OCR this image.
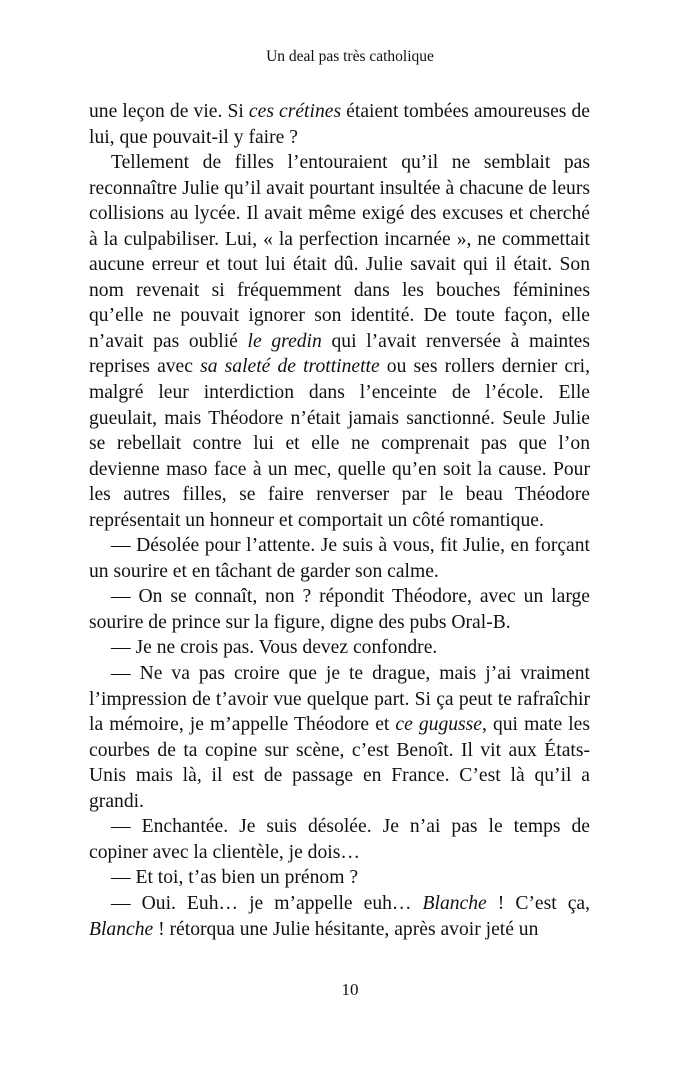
Un deal pas très catholique

une leçon de vie. Si ces crétines étaient tombées amoureuses de lui, que pouvait-il y faire ?

Tellement de filles l’entouraient qu’il ne semblait pas reconnaître Julie qu’il avait pourtant insultée à chacune de leurs collisions au lycée. Il avait même exigé des excuses et cherché à la culpabiliser. Lui, « la perfection incarnée », ne commettait aucune erreur et tout lui était dû. Julie savait qui il était. Son nom revenait si fréquemment dans les bouches féminines qu’elle ne pouvait ignorer son identité. De toute façon, elle n’avait pas oublié le gredin qui l’avait renversée à maintes reprises avec sa saleté de trottinette ou ses rollers dernier cri, malgré leur interdiction dans l’enceinte de l’école. Elle gueulait, mais Théodore n’était jamais sanctionné. Seule Julie se rebellait contre lui et elle ne comprenait pas que l’on devienne maso face à un mec, quelle qu’en soit la cause. Pour les autres filles, se faire renverser par le beau Théodore représentait un honneur et comportait un côté romantique.

— Désolée pour l’attente. Je suis à vous, fit Julie, en forçant un sourire et en tâchant de garder son calme.

— On se connaît, non ? répondit Théodore, avec un large sourire de prince sur la figure, digne des pubs Oral-B.

— Je ne crois pas. Vous devez confondre.

— Ne va pas croire que je te drague, mais j’ai vraiment l’impression de t’avoir vue quelque part. Si ça peut te rafraîchir la mémoire, je m’appelle Théodore et ce gugusse, qui mate les courbes de ta copine sur scène, c’est Benoît. Il vit aux États-Unis mais là, il est de passage en France. C’est là qu’il a grandi.

— Enchantée. Je suis désolée. Je n’ai pas le temps de copiner avec la clientèle, je dois…

— Et toi, t’as bien un prénom ?

— Oui. Euh… je m’appelle euh… Blanche ! C’est ça, Blanche ! rétorqua une Julie hésitante, après avoir jeté un

10
